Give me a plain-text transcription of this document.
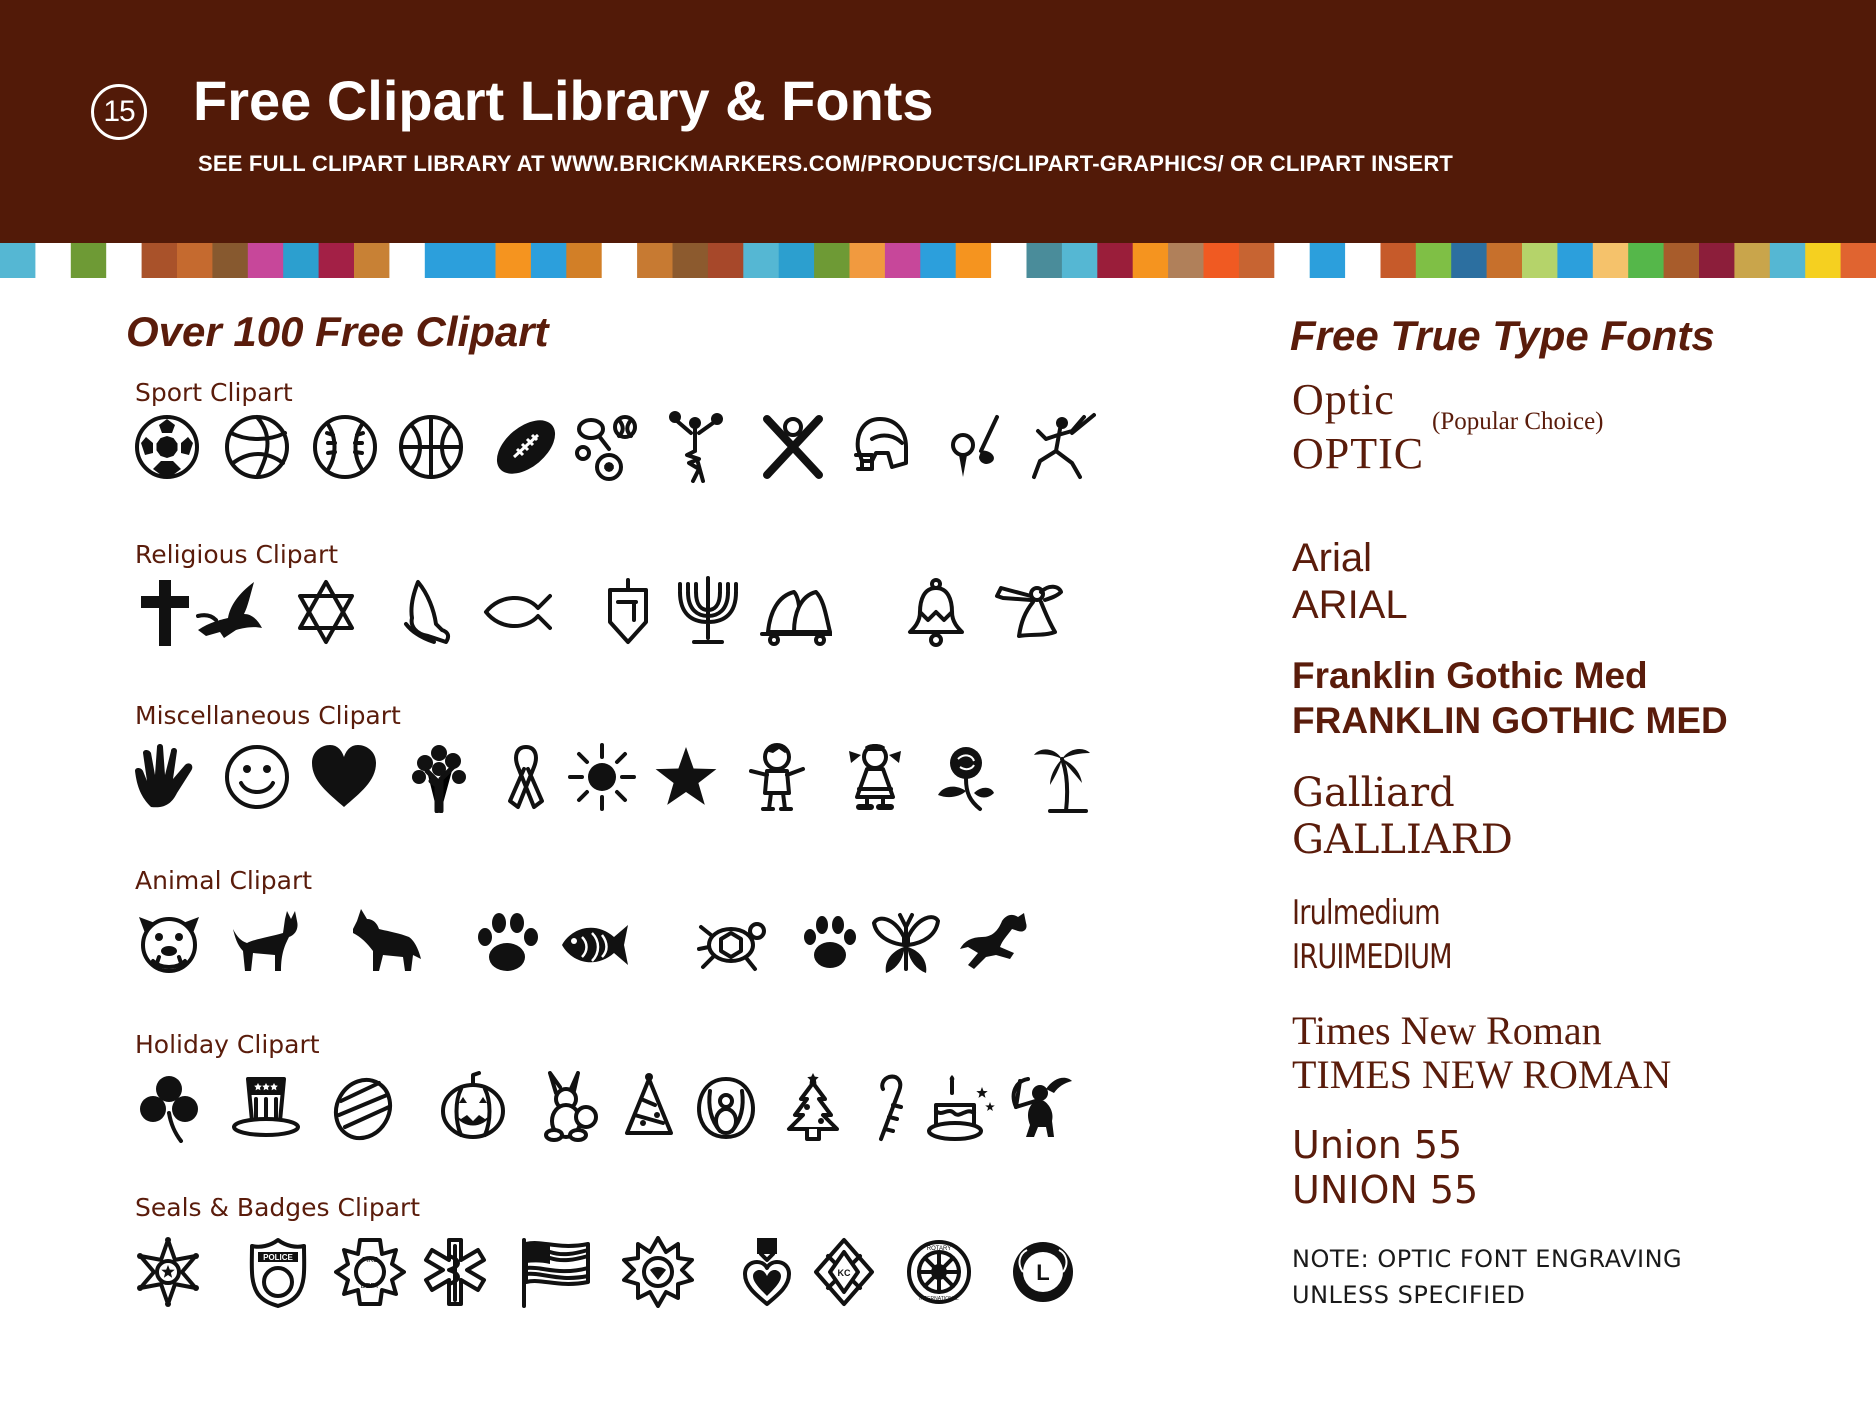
15 Free Clipart Library & Fonts
SEE FULL CLIPART LIBRARY AT WWW.BRICKMARKERS.COM/PRODUCTS/CLIPART-GRAPHICS/ OR CLIPART INSERT
Over 100 Free Clipart
Sport Clipart
Religious Clipart
Miscellaneous Clipart
Animal Clipart
Holiday Clipart
Seals & Badges Clipart
POLICE	FIRE
DEPT
KC
ROTARY
INTERNATIONAL
L
Free True Type Fonts
Optic
OPTIC
(Popular Choice)
Arial
ARIAL
Franklin Gothic Med
FRANKLIN GOTHIC MED
Galliard
GALLIARD
Irulmedium
IRUIMEDIUM
Times New Roman
TIMES NEW ROMAN
Union 55
UNION 55
NOTE: OPTIC FONT ENGRAVING
UNLESS SPECIFIED
